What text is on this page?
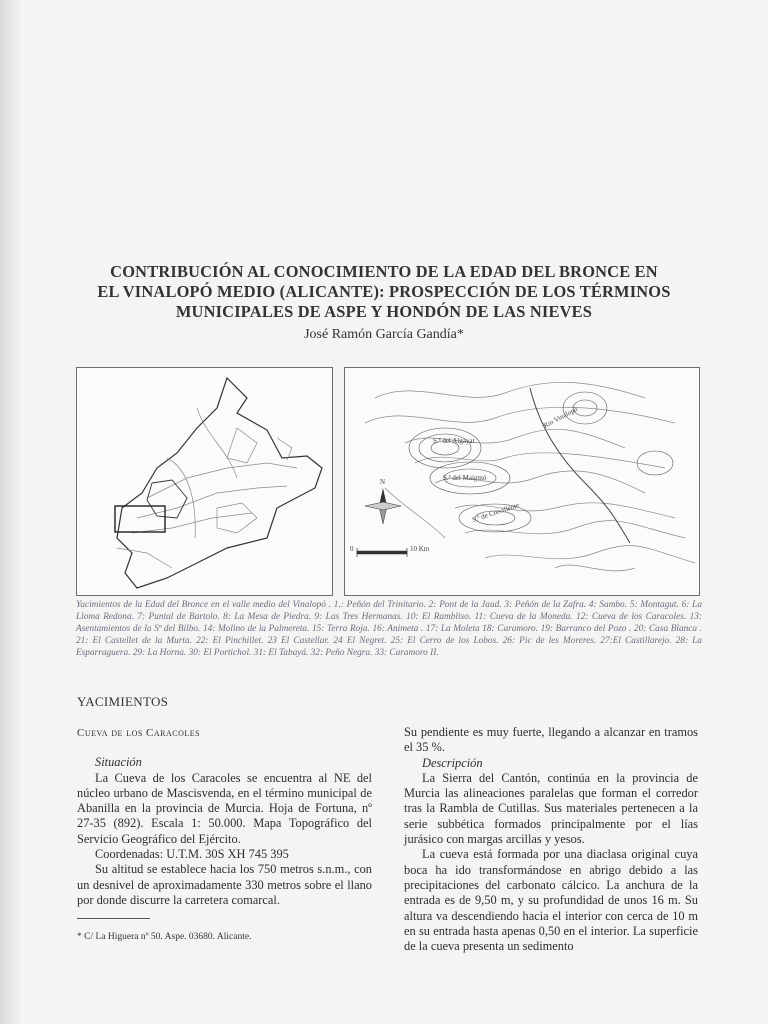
CONTRIBUCIÓN AL CONOCIMIENTO DE LA EDAD DEL BRONCE EN
EL VINALOPÓ MEDIO (ALICANTE): PROSPECCIÓN DE LOS TÉRMINOS
MUNICIPALES DE ASPE Y HONDÓN DE LAS NIEVES
José Ramón García Gandía*
S.ª del Algayat
S.ª del Maigmó
S.ª de Crevillente
Rio Vinalopó
N
0	10 Km

Yacimientos de la Edad del Bronce en el valle medio del Vinalopó . 1.: Peñón del Trinitario. 2: Pont de la Jaud. 3: Peñón de la Zafra. 4: Sambo. 5: Montagut. 6: La Lloma Redona. 7: Puntal de Bartolo. 8: La Mesa de Piedra. 9: Las Tres Hermanas. 10: El Rambliso. 11: Cueva de la Moneda. 12: Cueva de los Caracoles. 13: Asentamientos de la Sª del Bilbo. 14: Molino de la Palmereta. 15: Terra Roja. 16: Animeta . 17: La Moleta 18: Caramoro. 19: Barranco del Pozo . 20: Casa Blanca . 21: El Castellet de la Murta. 22: El Pinchillet. 23 El Castellar. 24 El Negret. 25: El Cerro de los Lobos. 26: Pic de les Moreres. 27:El Castillarejo. 28: La Esparraguera. 29: La Horna. 30: El Portichol. 31: El Tabayá. 32: Peño Negra. 33: Caramoro II.

YACIMIENTOS

Cueva de los Caracoles

Situación

La Cueva de los Caracoles se encuentra al NE del núcleo urbano de Mascisvenda, en el término municipal de Abanilla en la provincia de Murcia. Hoja de Fortuna, nº 27-35 (892). Escala 1: 50.000. Mapa Topográfico del Servicio Geográfico del Ejército.

Coordenadas: U.T.M. 30S XH 745 395

Su altitud se establece hacia los 750 metros s.n.m., con un desnivel de aproximadamente 330 metros sobre el llano por donde discurre la carretera comarcal.

Su pendiente es muy fuerte, llegando a alcanzar en tramos el 35 %.

Descripción

La Sierra del Cantón, continúa en la provincia de Murcia las alineaciones paralelas que forman el corredor tras la Rambla de Cutillas. Sus materiales pertenecen a la serie subbética formados principalmente por el lías jurásico con margas arcillas y yesos.

La cueva está formada por una diaclasa original cuya boca ha ido transformándose en abrigo debido a las precipitaciones del carbonato cálcico. La anchura de la entrada es de 9,50 m, y su profundidad de unos 16 m. Su altura va descendiendo hacia el interior con cerca de 10 m en su entrada hasta apenas 0,50 en el interior. La superficie de la cueva presenta un sedimento

* C/ La Higuera nº 50. Aspe. 03680. Alicante.
